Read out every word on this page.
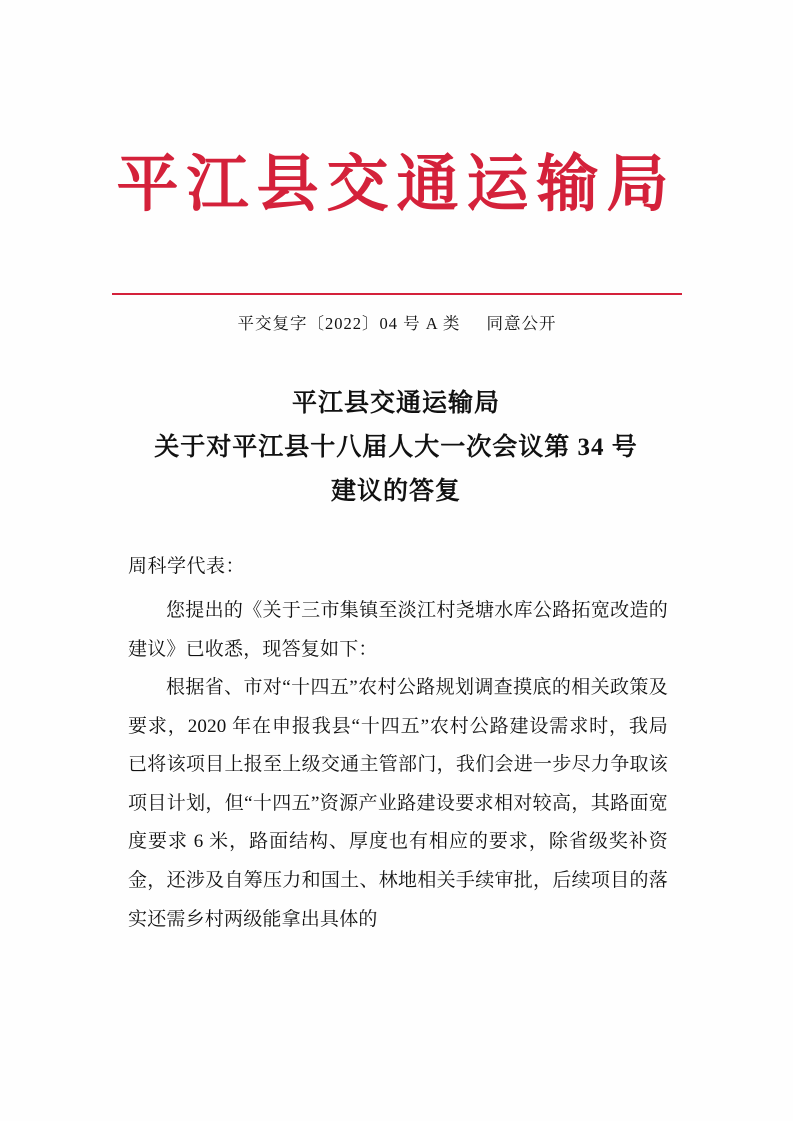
平江县交通运输局
平交复字〔2022〕04 号 A 类 同意公开
平江县交通运输局
关于对平江县十八届人大一次会议第 34 号
建议的答复

周科学代表：

您提出的《关于三市集镇至淡江村尧塘水库公路拓宽改造的建议》已收悉，现答复如下：

根据省、市对“十四五”农村公路规划调查摸底的相关政策及要求，2020 年在申报我县“十四五”农村公路建设需求时，我局已将该项目上报至上级交通主管部门，我们会进一步尽力争取该项目计划，但“十四五”资源产业路建设要求相对较高，其路面宽度要求 6 米，路面结构、厚度也有相应的要求，除省级奖补资金，还涉及自筹压力和国土、林地相关手续审批，后续项目的落实还需乡村两级能拿出具体的
